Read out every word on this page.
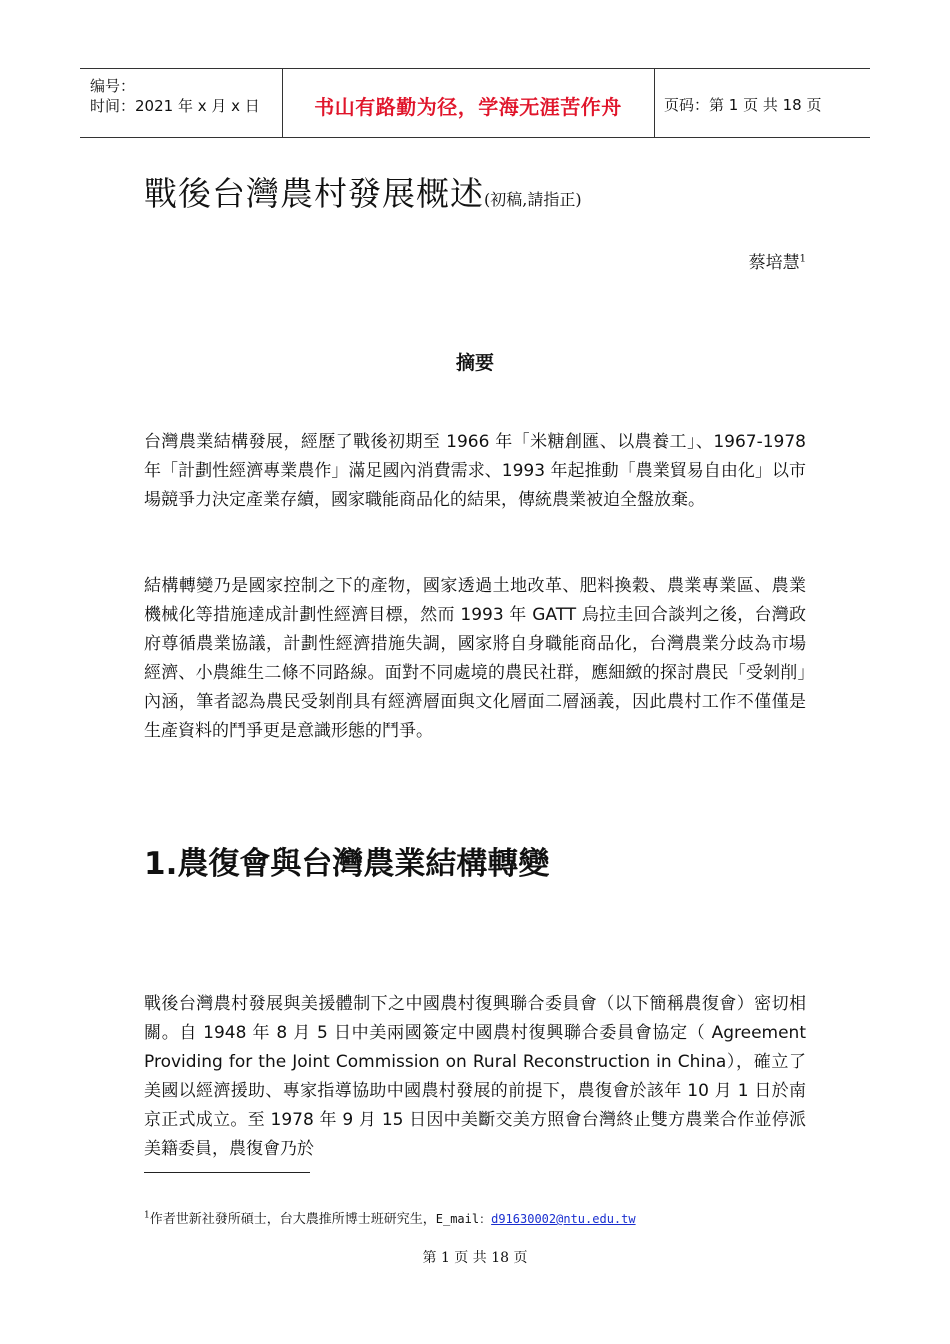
编号：
时间：2021 年 x 月 x 日	书山有路勤为径，学海无涯苦作舟	页码：第 1 页 共 18 页
戰後台灣農村發展概述(初稿,請指正)
蔡培慧$^1$
摘要
台灣農業結構發展，經歷了戰後初期至 1966 年「米糖創匯、以農養工」、1967-1978 年「計劃性經濟專業農作」滿足國內消費需求、1993 年起推動「農業貿易自由化」以市場競爭力決定產業存續，國家職能商品化的結果，傳統農業被迫全盤放棄。
結構轉變乃是國家控制之下的產物，國家透過土地改革、肥料換穀、農業專業區、農業機械化等措施達成計劃性經濟目標，然而 1993 年 GATT 烏拉圭回合談判之後，台灣政府尊循農業協議，計劃性經濟措施失調，國家將自身職能商品化，台灣農業分歧為市場經濟、小農維生二條不同路線。面對不同處境的農民社群，應細緻的探討農民「受剝削」內涵，筆者認為農民受剝削具有經濟層面與文化層面二層涵義，因此農村工作不僅僅是生產資料的鬥爭更是意識形態的鬥爭。
1.農復會與台灣農業結構轉變
戰後台灣農村發展與美援體制下之中國農村復興聯合委員會（以下簡稱農復會）密切相關。自 1948 年 8 月 5 日中美兩國簽定中國農村復興聯合委員會協定（ Agreement Providing for the Joint Commission on Rural Reconstruction in China），確立了美國以經濟援助、專家指導協助中國農村發展的前提下，農復會於該年 10 月 1 日於南京正式成立。至 1978 年 9 月 15 日因中美斷交美方照會台灣終止雙方農業合作並停派美籍委員，農復會乃於
$^1$作者世新社發所碩士，台大農推所博士班研究生，E_mail：d91630002@ntu.edu.tw
第 1 页 共 18 页
